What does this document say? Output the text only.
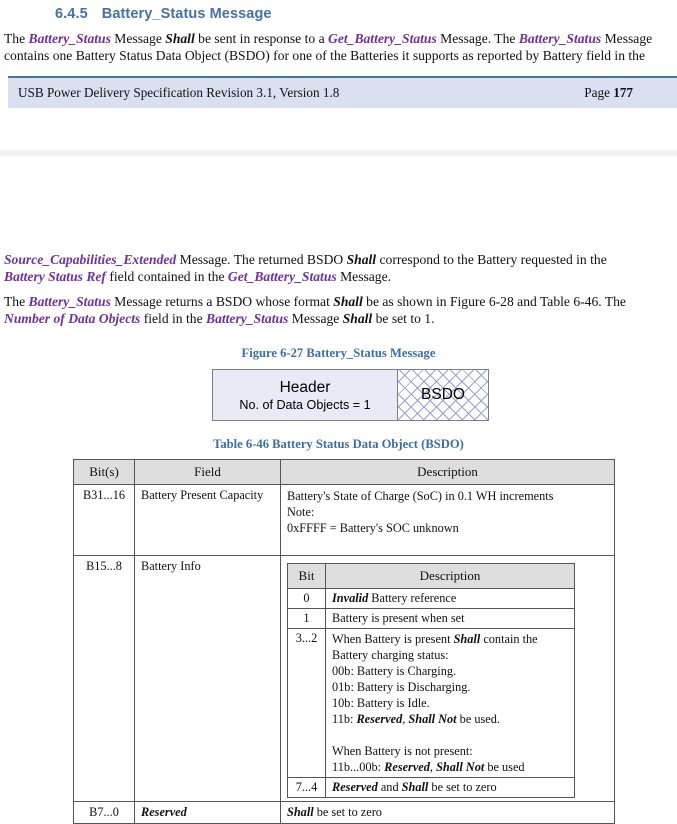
6.4.5 Battery_Status Message

The Battery_Status Message Shall be sent in response to a Get_Battery_Status Message. The Battery_Status Message
contains one Battery Status Data Object (BSDO) for one of the Batteries it supports as reported by Battery field in the

USB Power Delivery Specification Revision 3.1, Version 1.8	Page 177

Source_Capabilities_Extended Message. The returned BSDO Shall correspond to the Battery requested in the
Battery Status Ref field contained in the Get_Battery_Status Message.

The Battery_Status Message returns a BSDO whose format Shall be as shown in Figure 6-28 and Table 6-46. The
Number of Data Objects field in the Battery_Status Message Shall be set to 1.

Figure 6-27 Battery_Status Message
Header
No. of Data Objects = 1
BSDO
Table 6-46 Battery Status Data Object (BSDO)
Bit(s)	Field	Description
B31...16	Battery Present Capacity	Battery's State of Charge (SoC) in 0.1 WH increments
Note:
0xFFFF = Battery's SOC unknown

B15...8	Battery Info	
Bit	Description
0	Invalid Battery reference
1	Battery is present when set
3...2	When Battery is present Shall contain the
Battery charging status:
00b: Battery is Charging.
01b: Battery is Discharging.
10b: Battery is Idle.
11b: Reserved, Shall Not be used.
When Battery is not present:
11b...00b: Reserved, Shall Not be used

7...4	Reserved and Shall be set to zero

B7...0	Reserved	Shall be set to zero
